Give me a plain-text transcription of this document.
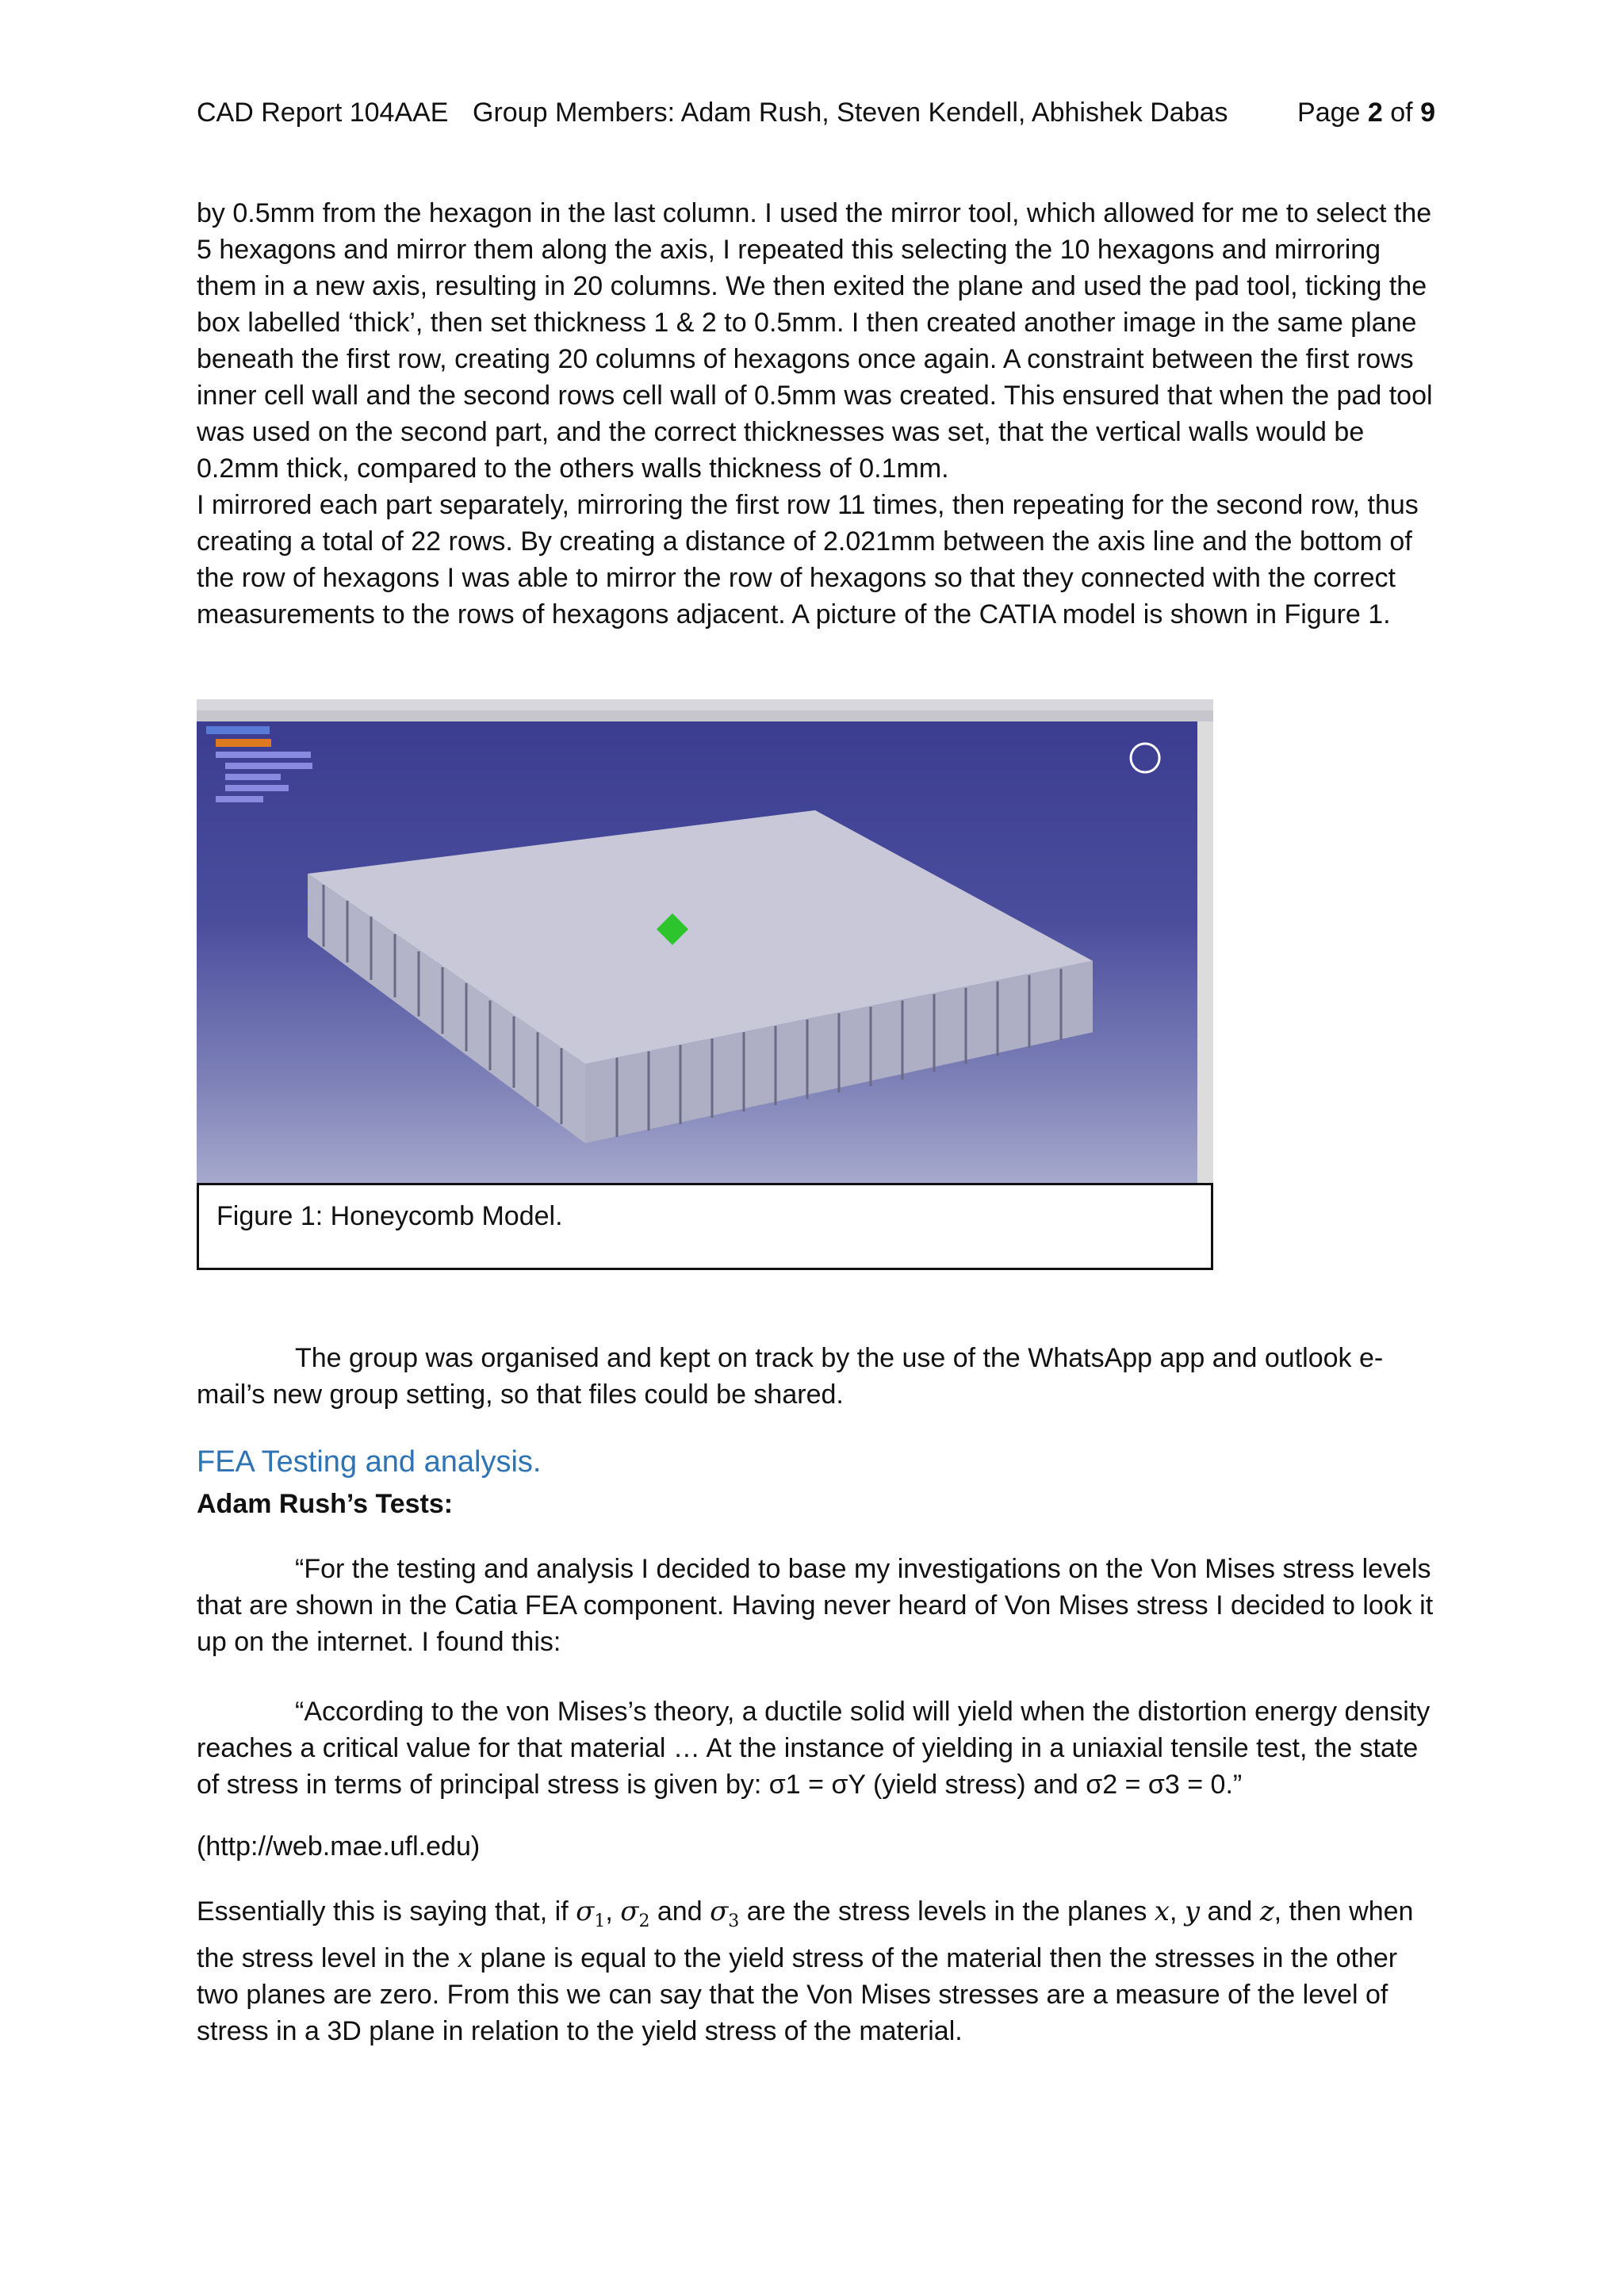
CAD Report 104AAE Group Members: Adam Rush, Steven Kendell, Abhishek Dabas	Page 2 of 9

by 0.5mm from the hexagon in the last column. I used the mirror tool, which allowed for me to select the 5 hexagons and mirror them along the axis, I repeated this selecting the 10 hexagons and mirroring them in a new axis, resulting in 20 columns. We then exited the plane and used the pad tool, ticking the box labelled ‘thick’, then set thickness 1 & 2 to 0.5mm. I then created another image in the same plane beneath the first row, creating 20 columns of hexagons once again. A constraint between the first rows inner cell wall and the second rows cell wall of 0.5mm was created. This ensured that when the pad tool was used on the second part, and the correct thicknesses was set, that the vertical walls would be 0.2mm thick, compared to the others walls thickness of 0.1mm.

I mirrored each part separately, mirroring the first row 11 times, then repeating for the second row, thus creating a total of 22 rows. By creating a distance of 2.021mm between the axis line and the bottom of the row of hexagons I was able to mirror the row of hexagons so that they connected with the correct measurements to the rows of hexagons adjacent. A picture of the CATIA model is shown in Figure 1.

Figure 1: Honeycomb Model.

The group was organised and kept on track by the use of the WhatsApp app and outlook e-mail’s new group setting, so that files could be shared.

FEA Testing and analysis.

Adam Rush’s Tests:

“For the testing and analysis I decided to base my investigations on the Von Mises stress levels that are shown in the Catia FEA component. Having never heard of Von Mises stress I decided to look it up on the internet. I found this:

“According to the von Mises’s theory, a ductile solid will yield when the distortion energy density reaches a critical value for that material … At the instance of yielding in a uniaxial tensile test, the state of stress in terms of principal stress is given by: σ1 = σY (yield stress) and σ2 = σ3 = 0.”

(http://web.mae.ufl.edu)

Essentially this is saying that, if $\sigma_1$, $\sigma_2$ and $\sigma_3$ are the stress levels in the planes x, y and z, then when the stress level in the x plane is equal to the yield stress of the material then the stresses in the other two planes are zero. From this we can say that the Von Mises stresses are a measure of the level of stress in a 3D plane in relation to the yield stress of the material.
